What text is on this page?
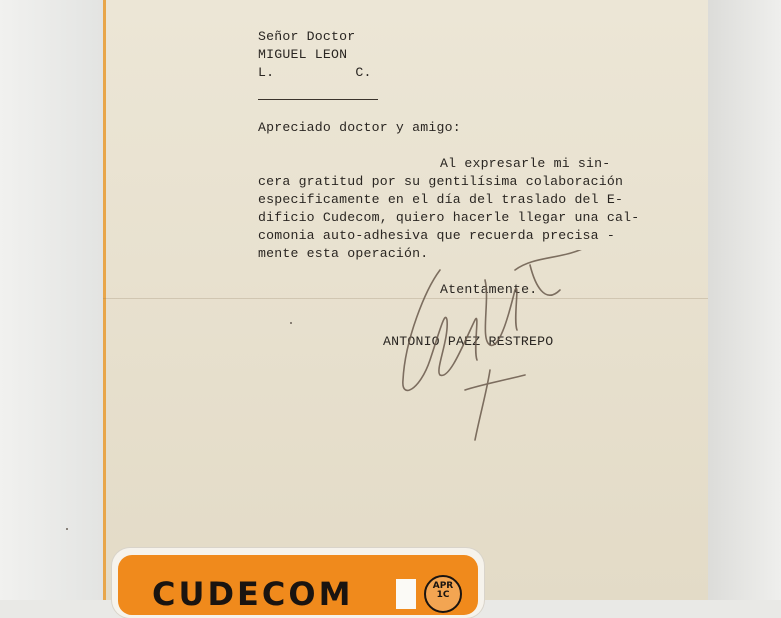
Señor Doctor
MIGUEL LEON
L.          C.
Apreciado doctor y amigo:
Al expresarle mi sin-
cera gratitud por su gentilísima colaboración
especificamente en el día del traslado del E-
dificio Cudecom, quiero hacerle llegar una cal-
comonia auto-adhesiva que recuerda precisa -
mente esta operación.
Atentamente.
ANTONIO PAEZ RESTREPO
CUDECOM	APR
1C
